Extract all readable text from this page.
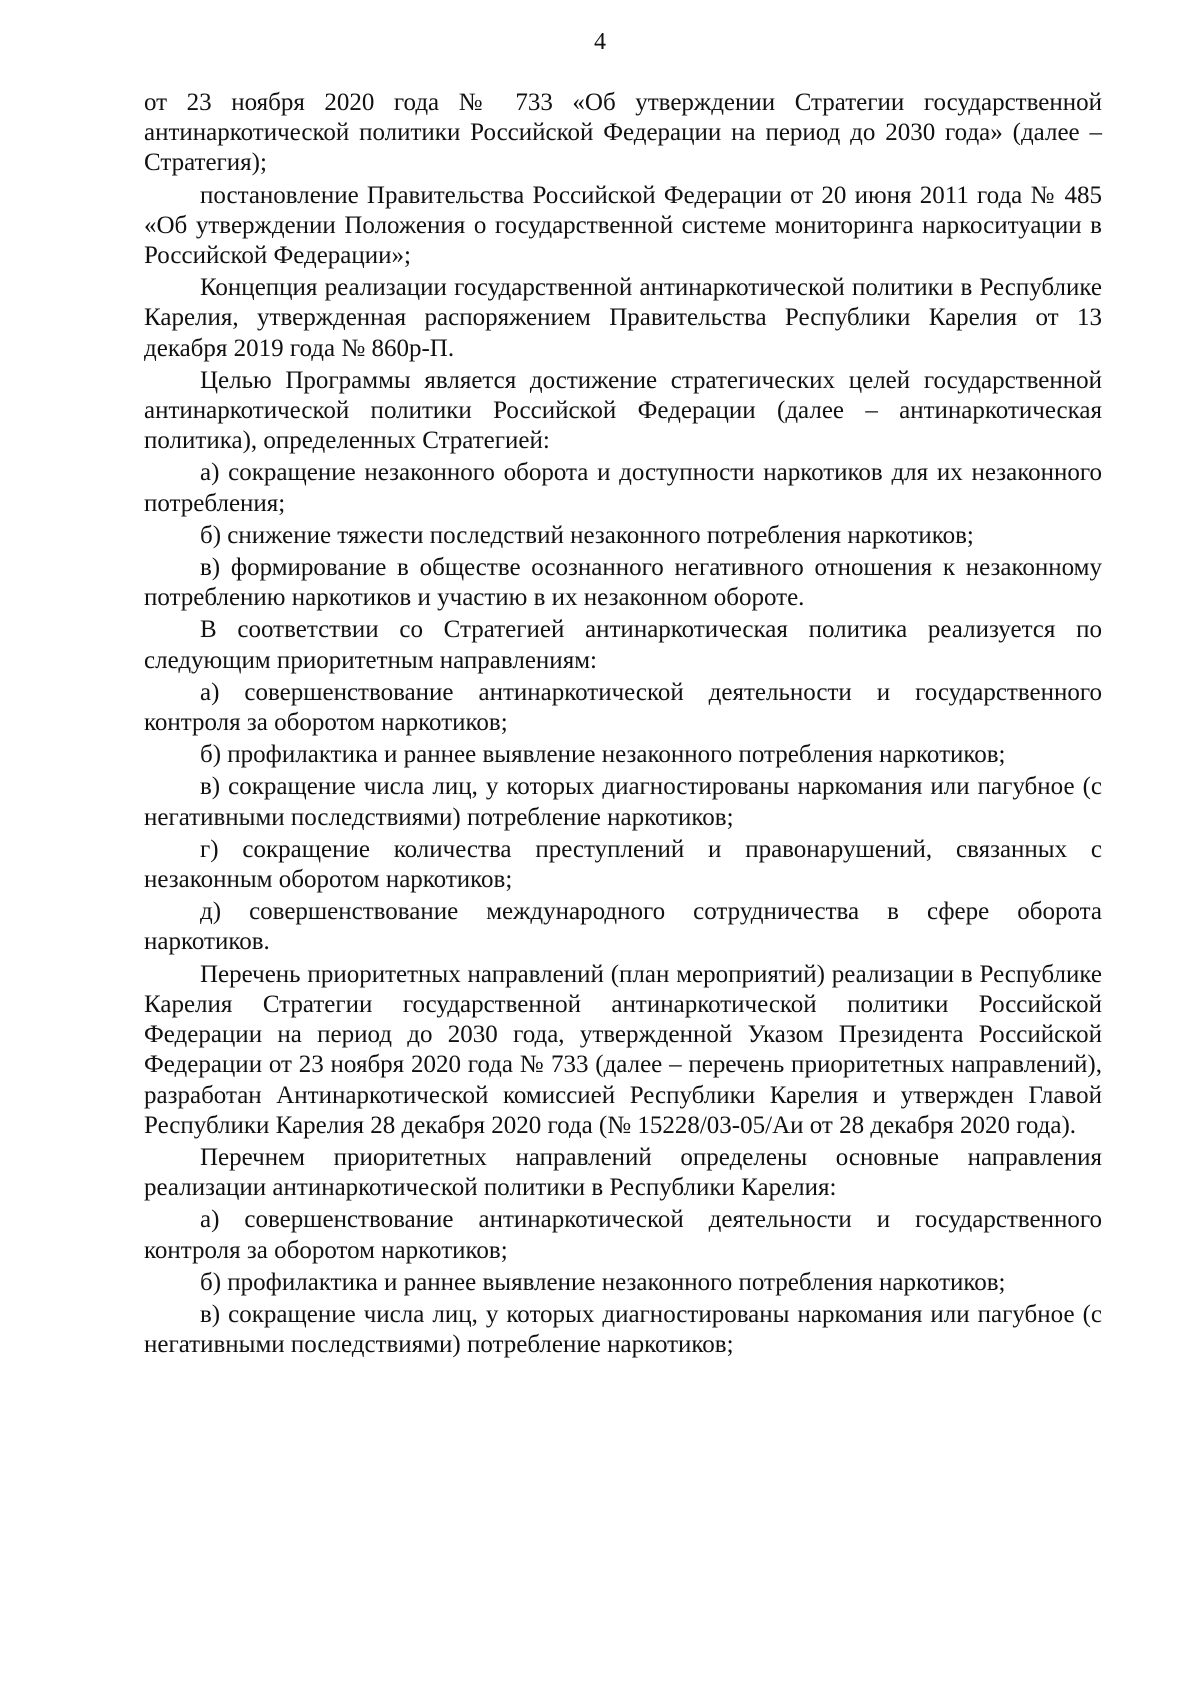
4

от 23 ноября 2020 года № 733 «Об утверждении Стратегии государственной антинаркотической политики Российской Федерации на период до 2030 года» (далее – Стратегия);

постановление Правительства Российской Федерации от 20 июня 2011 года № 485 «Об утверждении Положения о государственной системе мониторинга наркоситуации в Российской Федерации»;

Концепция реализации государственной антинаркотической политики в Республике Карелия, утвержденная распоряжением Правительства Республики Карелия от 13 декабря 2019 года № 860р-П.

Целью Программы является достижение стратегических целей государственной антинаркотической политики Российской Федерации (далее – антинаркотическая политика), определенных Стратегией:

а) сокращение незаконного оборота и доступности наркотиков для их незаконного потребления;

б) снижение тяжести последствий незаконного потребления наркотиков;

в) формирование в обществе осознанного негативного отношения к незаконному потреблению наркотиков и участию в их незаконном обороте.

В соответствии со Стратегией антинаркотическая политика реализуется по следующим приоритетным направлениям:

а) совершенствование антинаркотической деятельности и государственного контроля за оборотом наркотиков;

б) профилактика и раннее выявление незаконного потребления наркотиков;

в) сокращение числа лиц, у которых диагностированы наркомания или пагубное (с негативными последствиями) потребление наркотиков;

г) сокращение количества преступлений и правонарушений, связанных с незаконным оборотом наркотиков;

д) совершенствование международного сотрудничества в сфере оборота наркотиков.

Перечень приоритетных направлений (план мероприятий) реализации в Республике Карелия Стратегии государственной антинаркотической политики Российской Федерации на период до 2030 года, утвержденной Указом Президента Российской Федерации от 23 ноября 2020 года № 733 (далее – перечень приоритетных направлений), разработан Антинаркотической комиссией Республики Карелия и утвержден Главой Республики Карелия 28 декабря 2020 года (№ 15228/03-05/Аи от 28 декабря 2020 года).

Перечнем приоритетных направлений определены основные направления реализации антинаркотической политики в Республики Карелия:

а) совершенствование антинаркотической деятельности и государственного контроля за оборотом наркотиков;

б) профилактика и раннее выявление незаконного потребления наркотиков;

в) сокращение числа лиц, у которых диагностированы наркомания или пагубное (с негативными последствиями) потребление наркотиков;
